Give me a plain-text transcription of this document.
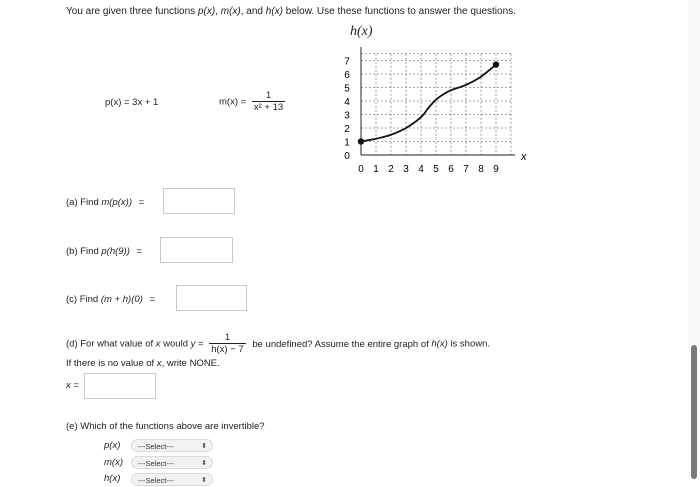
You are given three functions p(x), m(x), and h(x) below. Use these functions to answer the questions.
p(x) = 3x + 1	$m(x) = \frac{1}{\text{x² + 13}}$
h(x)
0 1 2 3 4 5 6 7 8 9
0
1
2
3
4
5
6
7
x
(a) Find m(p(x)) =
(b) Find p(h(9)) =
(c) Find (m + h)(0) =
(d) For what value of x would $y = \frac{1}{h(x) - 7}$ be undefined? Assume the entire graph of h(x) is shown.
If there is no value of x, write NONE.
x =
(e) Which of the functions above are invertible?
p(x)	---Select---	⬍
m(x)	---Select---	⬍
h(x)	---Select---	⬍
